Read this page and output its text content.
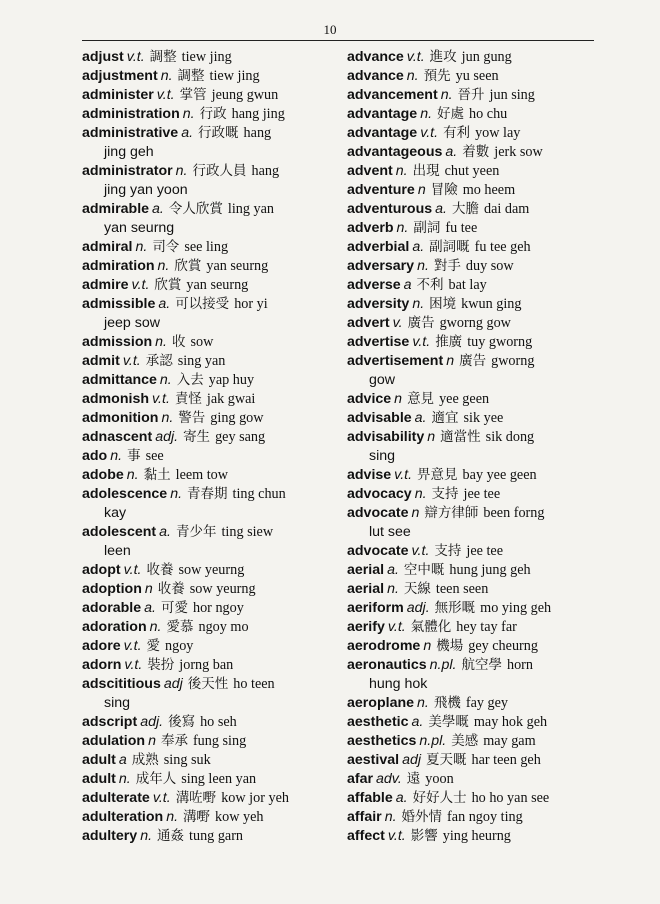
10
adjust v.t. 調整 tiew jing
adjustment n. 調整 tiew jing
administer v.t. 掌管 jeung gwun
administration n. 行政 hang jing
administrative a. 行政嘅 hang
jing geh
administrator n. 行政人員 hang
jing yan yoon
admirable a. 令人欣賞 ling yan
yan seurng
admiral n. 司令 see ling
admiration n. 欣賞 yan seurng
admire v.t. 欣賞 yan seurng
admissible a. 可以接受 hor yi
jeep sow
admission n. 收 sow
admit v.t. 承認 sing yan
admittance n. 入去 yap huy
admonish v.t. 責怪 jak gwai
admonition n. 警告 ging gow
adnascent adj. 寄生 gey sang
ado n. 事 see
adobe n. 黏土 leem tow
adolescence n. 青春期 ting chun
kay
adolescent a. 青少年 ting siew
leen
adopt v.t. 收養 sow yeurng
adoption n 收養 sow yeurng
adorable a. 可愛 hor ngoy
adoration n. 愛慕 ngoy mo
adore v.t. 愛 ngoy
adorn v.t. 裝扮 jorng ban
adscititious adj 後天性 ho teen
sing
adscript adj. 後寫 ho seh
adulation n 奉承 fung sing
adult a 成熟 sing suk
adult n. 成年人 sing leen yan
adulterate v.t. 溝咗嘢 kow jor yeh
adulteration n. 溝嘢 kow yeh
adultery n. 通姦 tung garn
advance v.t. 進攻 jun gung
advance n. 預先 yu seen
advancement n. 晉升 jun sing
advantage n. 好處 ho chu
advantage v.t. 有利 yow lay
advantageous a. 着數 jerk sow
advent n. 出現 chut yeen
adventure n 冒險 mo heem
adventurous a. 大膽 dai dam
adverb n. 副詞 fu tee
adverbial a. 副詞嘅 fu tee geh
adversary n. 對手 duy sow
adverse a 不利 bat lay
adversity n. 困境 kwun ging
advert v. 廣告 gworng gow
advertise v.t. 推廣 tuy gworng
advertisement n 廣告 gworng
gow
advice n 意見 yee geen
advisable a. 適宜 sik yee
advisability n 適當性 sik dong
sing
advise v.t. 畀意見 bay yee geen
advocacy n. 支持 jee tee
advocate n 辯方律師 been forng
lut see
advocate v.t. 支持 jee tee
aerial a. 空中嘅 hung jung geh
aerial n. 天線 teen seen
aeriform adj. 無形嘅 mo ying geh
aerify v.t. 氣體化 hey tay far
aerodrome n 機場 gey cheurng
aeronautics n.pl. 航空學 horn
hung hok
aeroplane n. 飛機 fay gey
aesthetic a. 美學嘅 may hok geh
aesthetics n.pl. 美感 may gam
aestival adj 夏天嘅 har teen geh
afar adv. 遠 yoon
affable a. 好好人士 ho ho yan see
affair n. 婚外情 fan ngoy ting
affect v.t. 影響 ying heurng
